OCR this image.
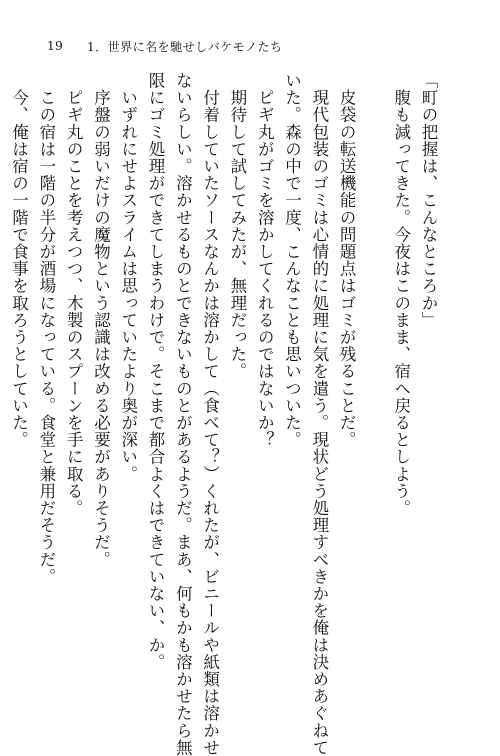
19	1．世界に名を馳せしバケモノたち

「町の把握は、こんなところか」

　腹も減ってきた。今夜はこのまま、宿へ戻るとしよう。

　皮袋の転送機能の問題点はゴミが残ることだ。

　現代包装のゴミは心情的に処理に気を遣う。現状どう処理すべきかを俺は決めあぐねて

いた。森の中で一度、こんなことも思いついた。

　ピギ丸がゴミを溶かしてくれるのではないか？

　期待して試してみたが、無理だった。

　付着していたソースなんかは溶かして（食べて？）くれたが、ビニールや紙類は溶かせ

ないらしい。溶かせるものとできないものとがあるようだ。まあ、何もかも溶かせたら無

限にゴミ処理ができてしまうわけで。そこまで都合よくはできていない、か。

　いずれにせよスライムは思っていたより奥が深い。

　序盤の弱いだけの魔物という認識は改める必要がありそうだ。

　ピギ丸のことを考えつつ、木製のスプーンを手に取る。

　この宿は一階の半分が酒場になっている。食堂と兼用だそうだ。

　今、俺は宿の一階で食事を取ろうとしていた。
